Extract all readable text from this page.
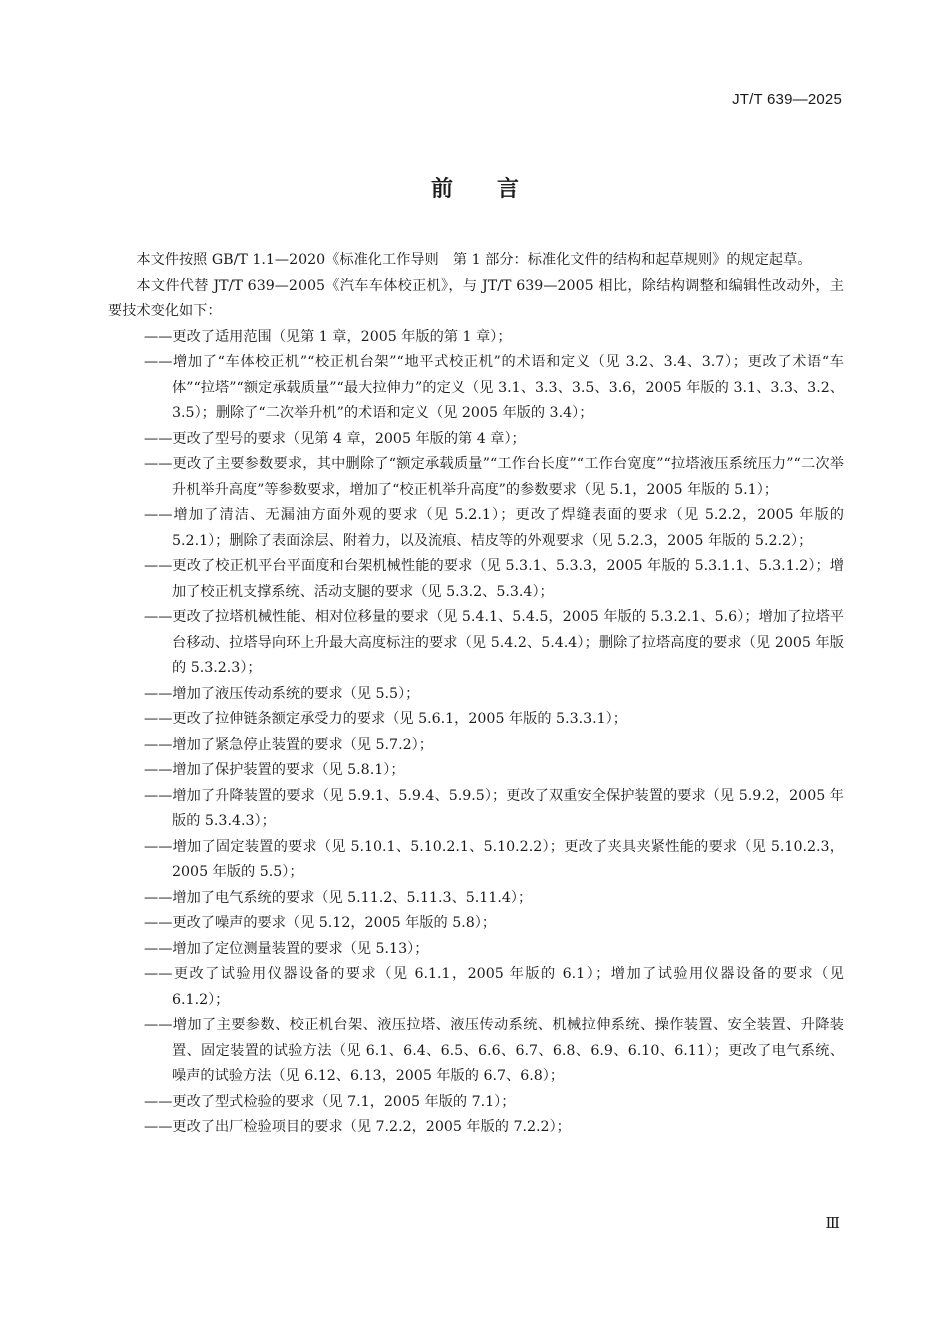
JT/T 639—2025
前言

本文件按照 GB/T 1.1—2020《标准化工作导则　第 1 部分：标准化文件的结构和起草规则》的规定起草。

本文件代替 JT/T 639—2005《汽车车体校正机》，与 JT/T 639—2005 相比，除结构调整和编辑性改动外，主要技术变化如下：

——更改了适用范围（见第 1 章，2005 年版的第 1 章）；

——增加了“车体校正机”“校正机台架”“地平式校正机”的术语和定义（见 3.2、3.4、3.7）；更改了术语“车体”“拉塔”“额定承载质量”“最大拉伸力”的定义（见 3.1、3.3、3.5、3.6，2005 年版的 3.1、3.3、3.2、3.5）；删除了“二次举升机”的术语和定义（见 2005 年版的 3.4）；

——更改了型号的要求（见第 4 章，2005 年版的第 4 章）；

——更改了主要参数要求，其中删除了“额定承载质量”“工作台长度”“工作台宽度”“拉塔液压系统压力”“二次举升机举升高度”等参数要求，增加了“校正机举升高度”的参数要求（见 5.1，2005 年版的 5.1）；

——增加了清洁、无漏油方面外观的要求（见 5.2.1）；更改了焊缝表面的要求（见 5.2.2，2005 年版的 5.2.1）；删除了表面涂层、附着力，以及流痕、桔皮等的外观要求（见 5.2.3，2005 年版的 5.2.2）；

——更改了校正机平台平面度和台架机械性能的要求（见 5.3.1、5.3.3，2005 年版的 5.3.1.1、5.3.1.2）；增加了校正机支撑系统、活动支腿的要求（见 5.3.2、5.3.4）；

——更改了拉塔机械性能、相对位移量的要求（见 5.4.1、5.4.5，2005 年版的 5.3.2.1、5.6）；增加了拉塔平台移动、拉塔导向环上升最大高度标注的要求（见 5.4.2、5.4.4）；删除了拉塔高度的要求（见 2005 年版的 5.3.2.3）；

——增加了液压传动系统的要求（见 5.5）；

——更改了拉伸链条额定承受力的要求（见 5.6.1，2005 年版的 5.3.3.1）；

——增加了紧急停止装置的要求（见 5.7.2）；

——增加了保护装置的要求（见 5.8.1）；

——增加了升降装置的要求（见 5.9.1、5.9.4、5.9.5）；更改了双重安全保护装置的要求（见 5.9.2，2005 年版的 5.3.4.3）；

——增加了固定装置的要求（见 5.10.1、5.10.2.1、5.10.2.2）；更改了夹具夹紧性能的要求（见 5.10.2.3，2005 年版的 5.5）；

——增加了电气系统的要求（见 5.11.2、5.11.3、5.11.4）；

——更改了噪声的要求（见 5.12，2005 年版的 5.8）；

——增加了定位测量装置的要求（见 5.13）；

——更改了试验用仪器设备的要求（见 6.1.1，2005 年版的 6.1）；增加了试验用仪器设备的要求（见 6.1.2）；

——增加了主要参数、校正机台架、液压拉塔、液压传动系统、机械拉伸系统、操作装置、安全装置、升降装置、固定装置的试验方法（见 6.1、6.4、6.5、6.6、6.7、6.8、6.9、6.10、6.11）；更改了电气系统、噪声的试验方法（见 6.12、6.13，2005 年版的 6.7、6.8）；

——更改了型式检验的要求（见 7.1，2005 年版的 7.1）；

——更改了出厂检验项目的要求（见 7.2.2，2005 年版的 7.2.2）；

Ⅲ
